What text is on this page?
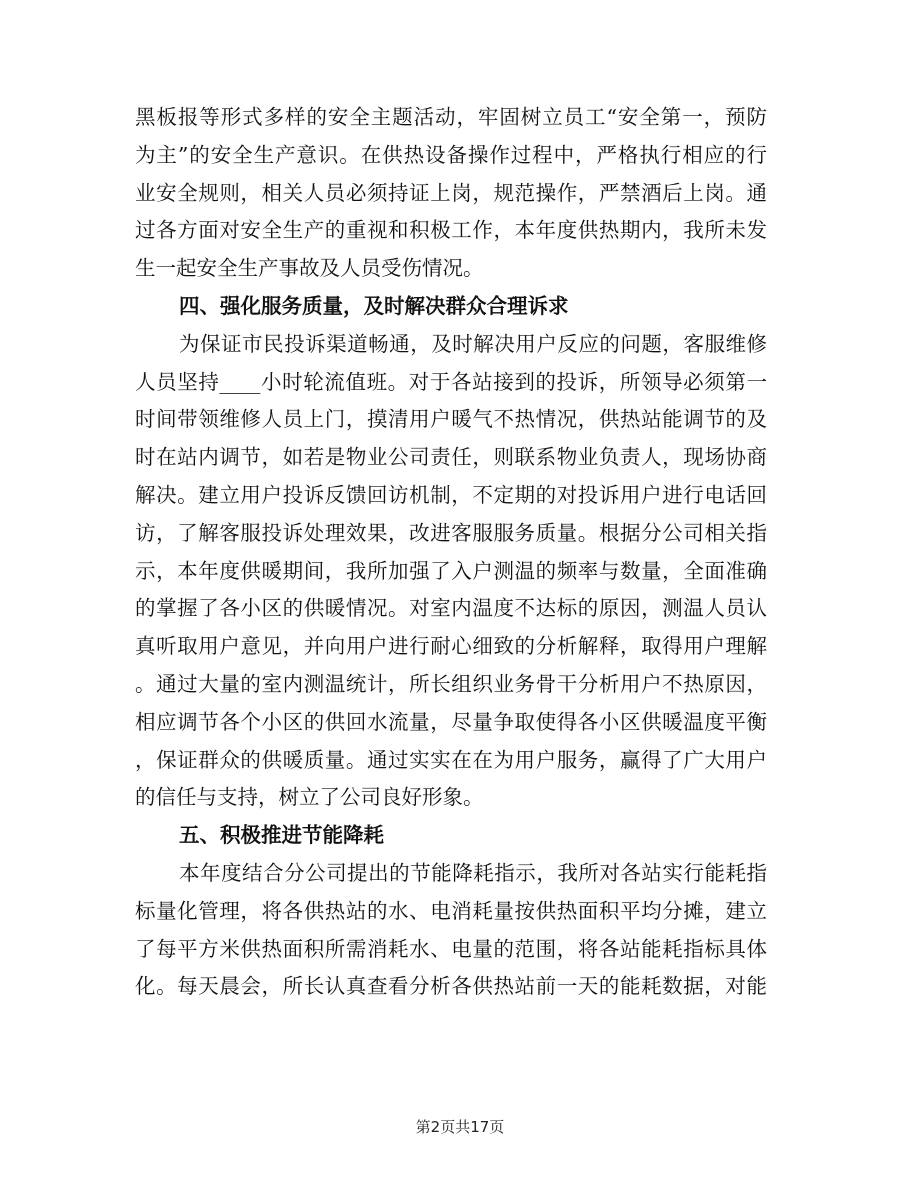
黑板报等形式多样的安全主题活动，牢固树立员工“安全第一，预防
为主”的安全生产意识。在供热设备操作过程中，严格执行相应的行
业安全规则，相关人员必须持证上岗，规范操作，严禁酒后上岗。通
过各方面对安全生产的重视和积极工作，本年度供热期内，我所未发
生一起安全生产事故及人员受伤情况。
四、强化服务质量，及时解决群众合理诉求
为保证市民投诉渠道畅通，及时解决用户反应的问题，客服维修
人员坚持____小时轮流值班。对于各站接到的投诉，所领导必须第一
时间带领维修人员上门，摸清用户暖气不热情况，供热站能调节的及
时在站内调节，如若是物业公司责任，则联系物业负责人，现场协商
解决。建立用户投诉反馈回访机制，不定期的对投诉用户进行电话回
访，了解客服投诉处理效果，改进客服服务质量。根据分公司相关指
示，本年度供暖期间，我所加强了入户测温的频率与数量，全面准确
的掌握了各小区的供暖情况。对室内温度不达标的原因，测温人员认
真听取用户意见，并向用户进行耐心细致的分析解释，取得用户理解
。通过大量的室内测温统计，所长组织业务骨干分析用户不热原因，
相应调节各个小区的供回水流量，尽量争取使得各小区供暖温度平衡
，保证群众的供暖质量。通过实实在在为用户服务，赢得了广大用户
的信任与支持，树立了公司良好形象。
五、积极推进节能降耗
本年度结合分公司提出的节能降耗指示，我所对各站实行能耗指
标量化管理，将各供热站的水、电消耗量按供热面积平均分摊，建立
了每平方米供热面积所需消耗水、电量的范围，将各站能耗指标具体
化。每天晨会，所长认真查看分析各供热站前一天的能耗数据，对能
第2页共17页
